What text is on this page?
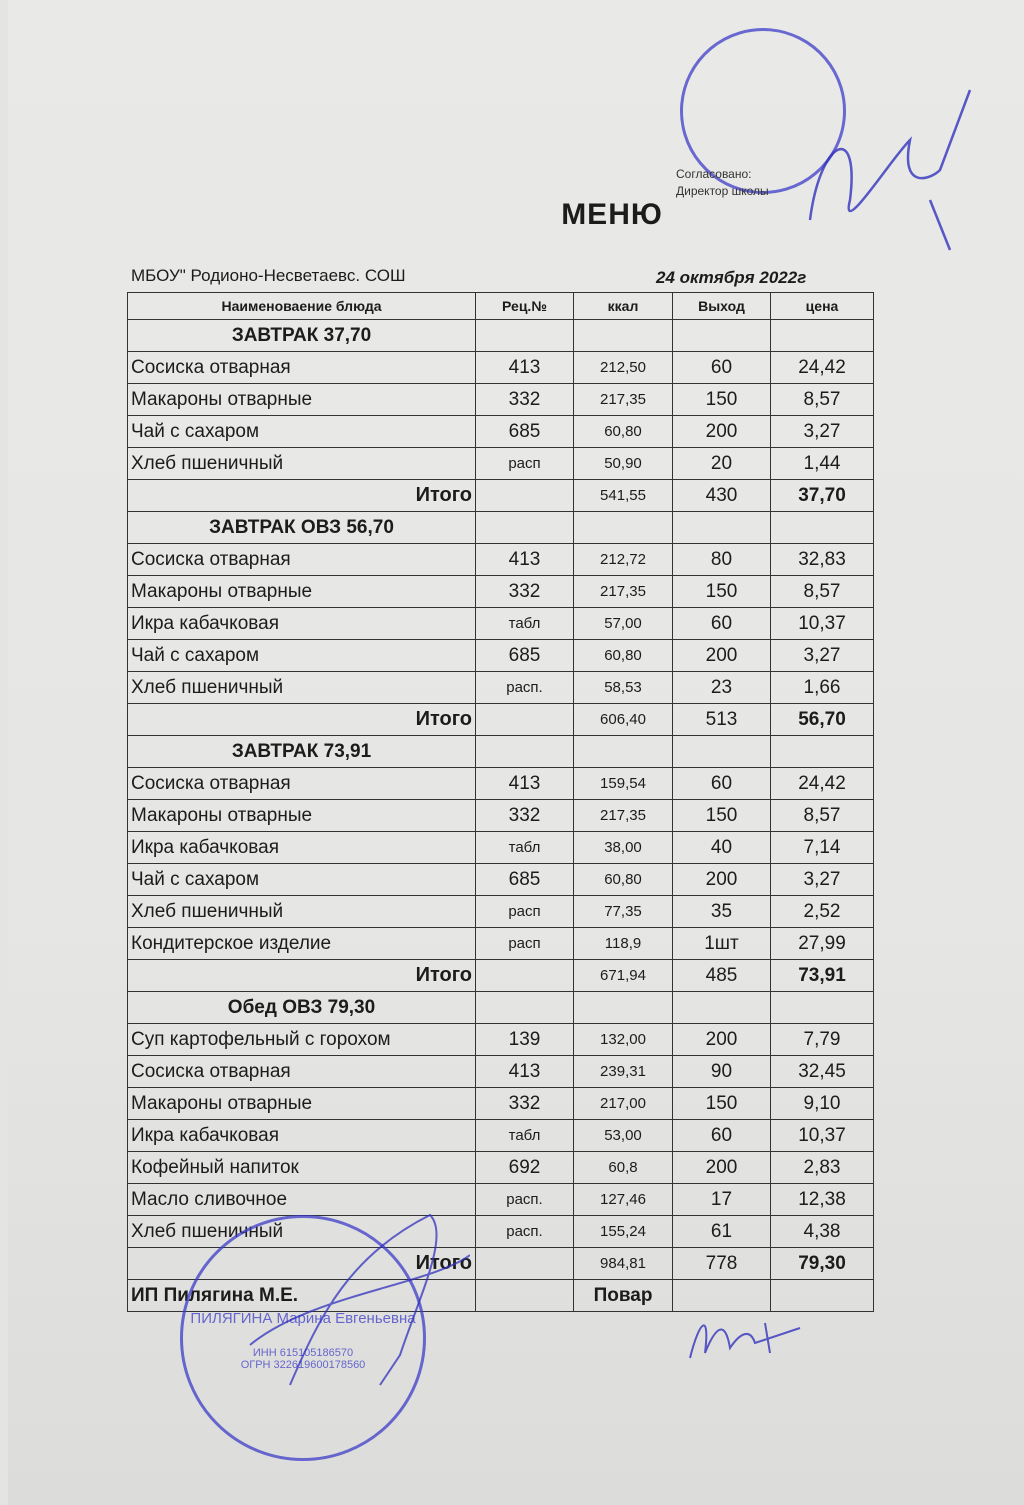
Согласовано:
Директор школы
МЕНЮ
МБОУ" Родионо-Несветаевс. СОШ	24 октября 2022г
Наименоваение блюда	Рец.№	ккал	Выход	цена
ЗАВТРАК 37,70				
Сосиска отварная	413	212,50	60	24,42
Макароны отварные	332	217,35	150	8,57
Чай с сахаром	685	60,80	200	3,27
Хлеб пшеничный	расп	50,90	20	1,44
Итого		541,55	430	37,70
ЗАВТРАК ОВЗ 56,70				
Сосиска отварная	413	212,72	80	32,83
Макароны отварные	332	217,35	150	8,57
Икра кабачковая	табл	57,00	60	10,37
Чай с сахаром	685	60,80	200	3,27
Хлеб пшеничный	расп.	58,53	23	1,66
Итого		606,40	513	56,70
ЗАВТРАК 73,91				
Сосиска отварная	413	159,54	60	24,42
Макароны отварные	332	217,35	150	8,57
Икра кабачковая	табл	38,00	40	7,14
Чай с сахаром	685	60,80	200	3,27
Хлеб пшеничный	расп	77,35	35	2,52
Кондитерское изделие	расп	118,9	1шт	27,99
Итого		671,94	485	73,91
Обед ОВЗ 79,30				
Суп картофельный с горохом	139	132,00	200	7,79
Сосиска отварная	413	239,31	90	32,45
Макароны отварные	332	217,00	150	9,10
Икра кабачковая	табл	53,00	60	10,37
Кофейный напиток	692	60,8	200	2,83
Масло сливочное	расп.	127,46	17	12,38
Хлеб пшеничный	расп.	155,24	61	4,38
Итого		984,81	778	79,30
ИП Пилягина М.Е.		Повар		
ПИЛЯГИНА Марина Евгеньевна
ИНН 615105186570
ОГРН 322619600178560
